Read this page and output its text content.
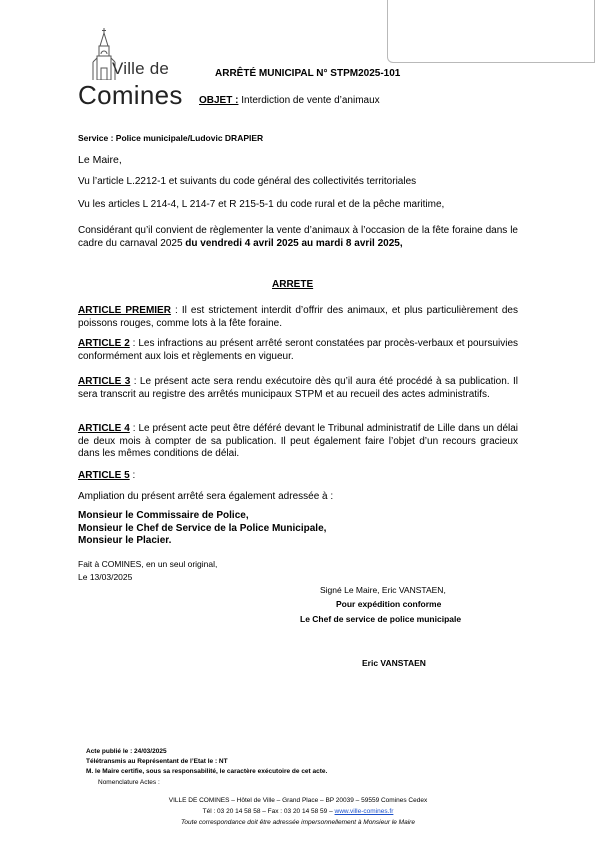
Ville de
Comines
ARRÊTÉ MUNICIPAL N° STPM2025-101
OBJET : Interdiction de vente d’animaux
Service : Police municipale/Ludovic DRAPIER
Le Maire,
Vu l’article L.2212-1 et suivants du code général des collectivités territoriales
Vu les articles L 214-4, L 214-7 et R 215-5-1 du code rural et de la pêche maritime,
Considérant qu’il convient de règlementer la vente d’animaux à l’occasion de la fête foraine dans le cadre du carnaval 2025 du vendredi 4 avril 2025 au mardi 8 avril 2025,
ARRETE
ARTICLE PREMIER : Il est strictement interdit d’offrir des animaux, et plus particulièrement des poissons rouges, comme lots à la fête foraine.
ARTICLE 2 : Les infractions au présent arrêté seront constatées par procès-verbaux et poursuivies conformément aux lois et règlements en vigueur.
ARTICLE 3 : Le présent acte sera rendu exécutoire dès qu’il aura été procédé à sa publication. Il sera transcrit au registre des arrêtés municipaux STPM et au recueil des actes administratifs.
ARTICLE 4 : Le présent acte peut être déféré devant le Tribunal administratif de Lille dans un délai de deux mois à compter de sa publication. Il peut également faire l’objet d’un recours gracieux dans les mêmes conditions de délai.
ARTICLE 5 :
Ampliation du présent arrêté sera également adressée à :
Monsieur le Commissaire de Police,
Monsieur le Chef de Service de la Police Municipale,
Monsieur le Placier.
Fait à COMINES, en un seul original,
Le 13/03/2025
Signé Le Maire, Eric VANSTAEN,
Pour expédition conforme
Le Chef de service de police municipale
Eric VANSTAEN
Acte publié le : 24/03/2025
Télétransmis au Représentant de l’Etat le : NT
M. le Maire certifie, sous sa responsabilité, le caractère exécutoire de cet acte.
Nomenclature Actes :
VILLE DE COMINES – Hôtel de Ville – Grand Place – BP 20039 – 59559 Comines Cedex
Tél : 03 20 14 58 58 – Fax : 03 20 14 58 59 – www.ville-comines.fr
Toute correspondance doit être adressée impersonnellement à Monsieur le Maire
